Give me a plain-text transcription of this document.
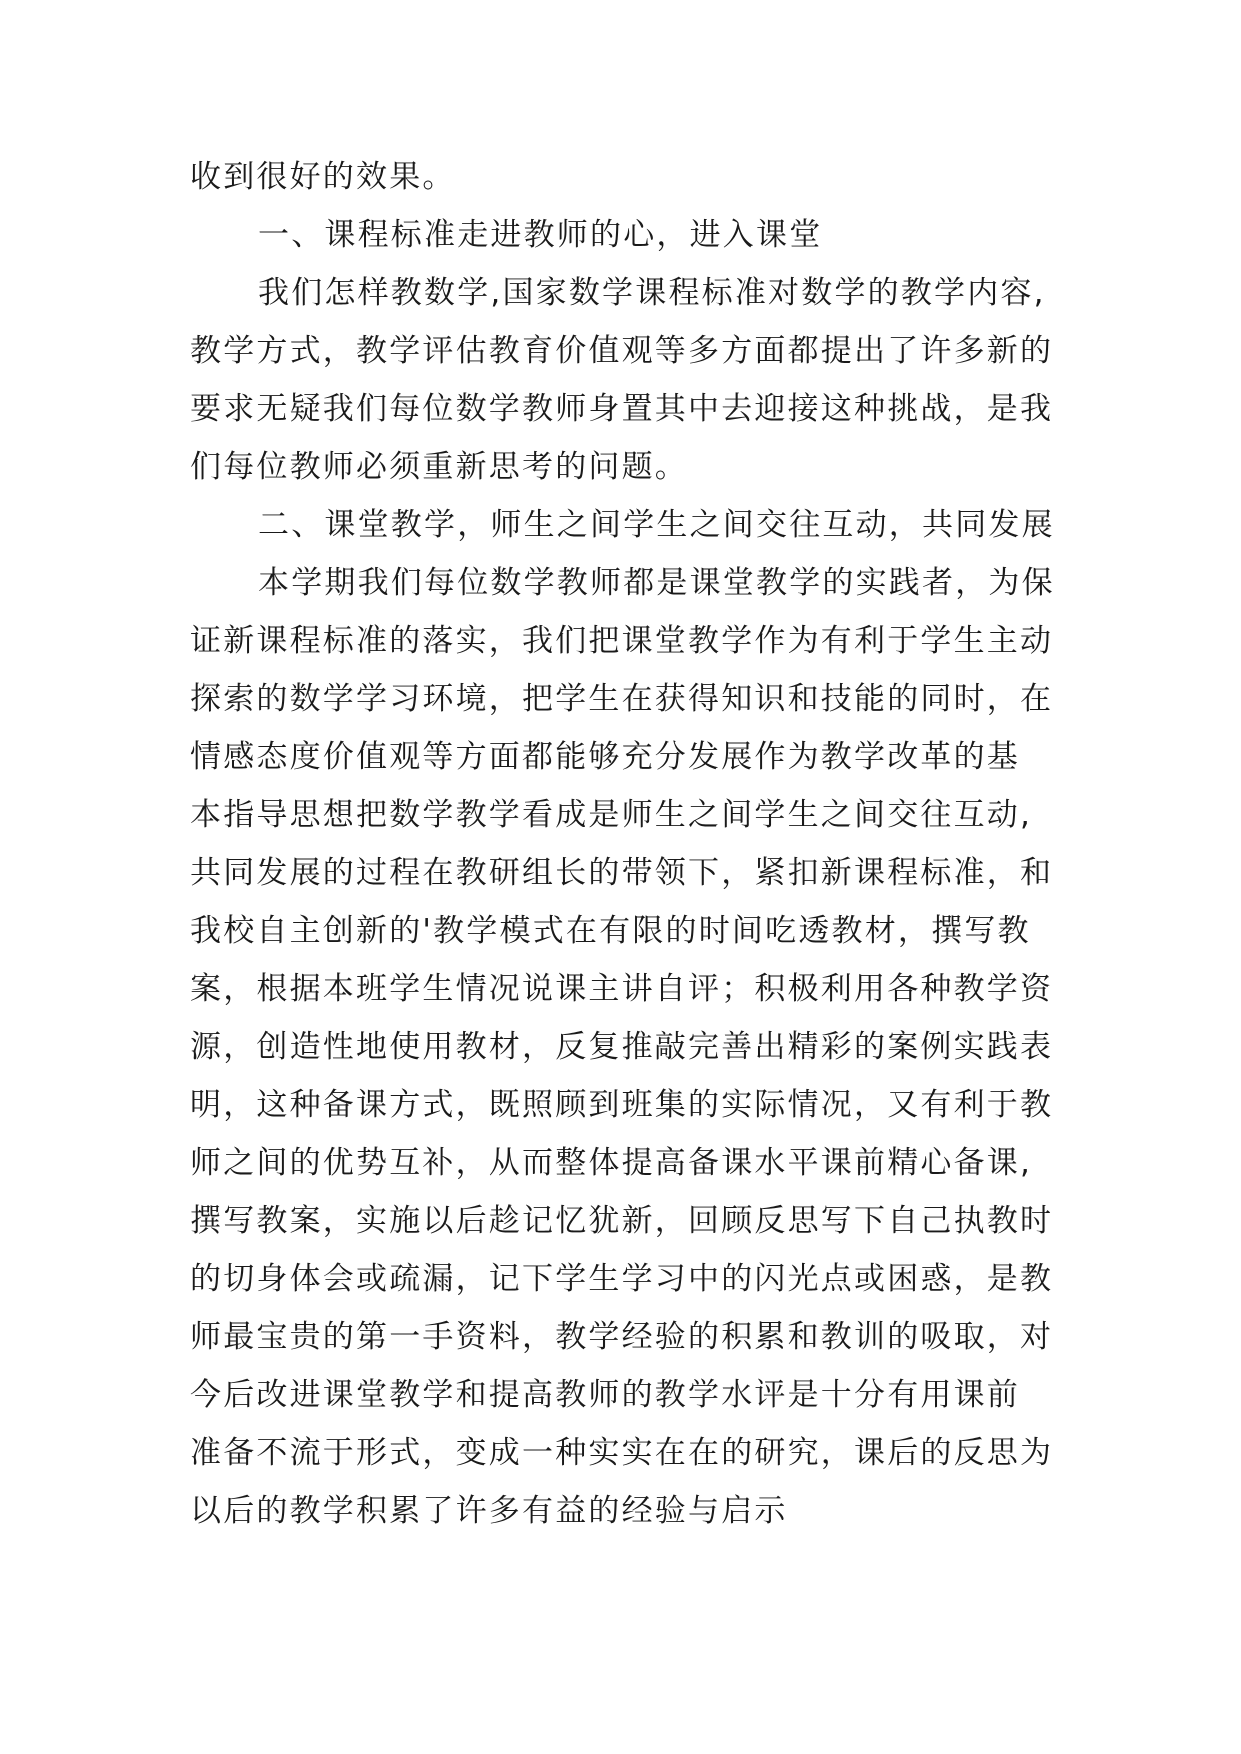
收到很好的效果。
一、课程标准走进教师的心，进入课堂
我们怎样教数学,国家数学课程标准对数学的教学内容,
教学方式，教学评估教育价值观等多方面都提出了许多新的
要求无疑我们每位数学教师身置其中去迎接这种挑战，是我
们每位教师必须重新思考的问题。
二、课堂教学，师生之间学生之间交往互动，共同发展
本学期我们每位数学教师都是课堂教学的实践者，为保
证新课程标准的落实，我们把课堂教学作为有利于学生主动
探索的数学学习环境，把学生在获得知识和技能的同时，在
情感态度价值观等方面都能够充分发展作为教学改革的基
本指导思想把数学教学看成是师生之间学生之间交往互动,
共同发展的过程在教研组长的带领下，紧扣新课程标准，和
我校自主创新的'教学模式在有限的时间吃透教材，撰写教
案，根据本班学生情况说课主讲自评；积极利用各种教学资
源，创造性地使用教材，反复推敲完善出精彩的案例实践表
明，这种备课方式，既照顾到班集的实际情况，又有利于教
师之间的优势互补，从而整体提高备课水平课前精心备课,
撰写教案，实施以后趁记忆犹新，回顾反思写下自己执教时
的切身体会或疏漏，记下学生学习中的闪光点或困惑，是教
师最宝贵的第一手资料，教学经验的积累和教训的吸取，对
今后改进课堂教学和提高教师的教学水评是十分有用课前
准备不流于形式，变成一种实实在在的研究，课后的反思为
以后的教学积累了许多有益的经验与启示
